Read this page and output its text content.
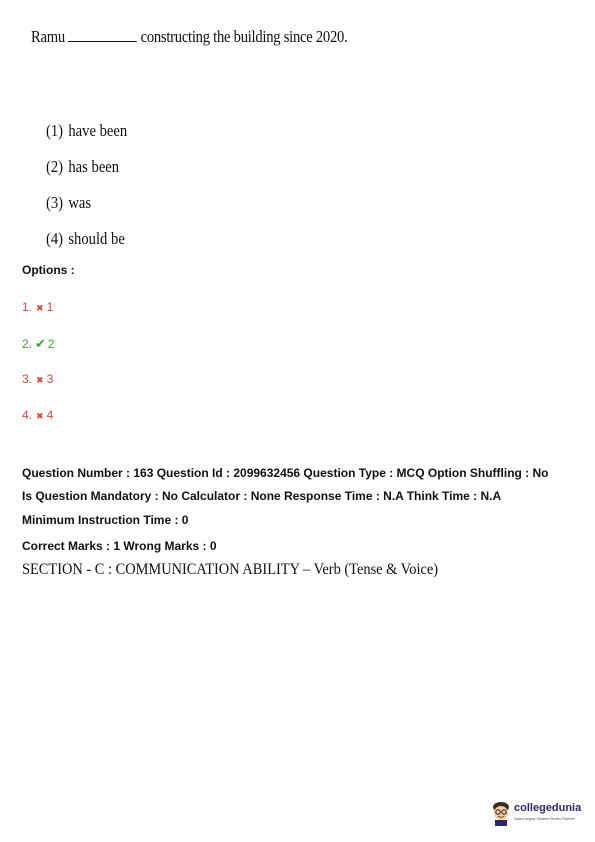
Ramu	constructing the building since 2020.
(1) have been
(2) has been
(3) was
(4) should be
Options :
1. ✖ 1
2. ✔ 2
3. ✖ 3
4. ✖ 4
Question Number : 163 Question Id : 2099632456 Question Type : MCQ Option Shuffling : No
Is Question Mandatory : No Calculator : None Response Time : N.A Think Time : N.A
Minimum Instruction Time : 0
Correct Marks : 1 Wrong Marks : 0
SECTION - C : COMMUNICATION ABILITY – Verb (Tense & Voice)
collegedunia
India's largest Student Review Platform
